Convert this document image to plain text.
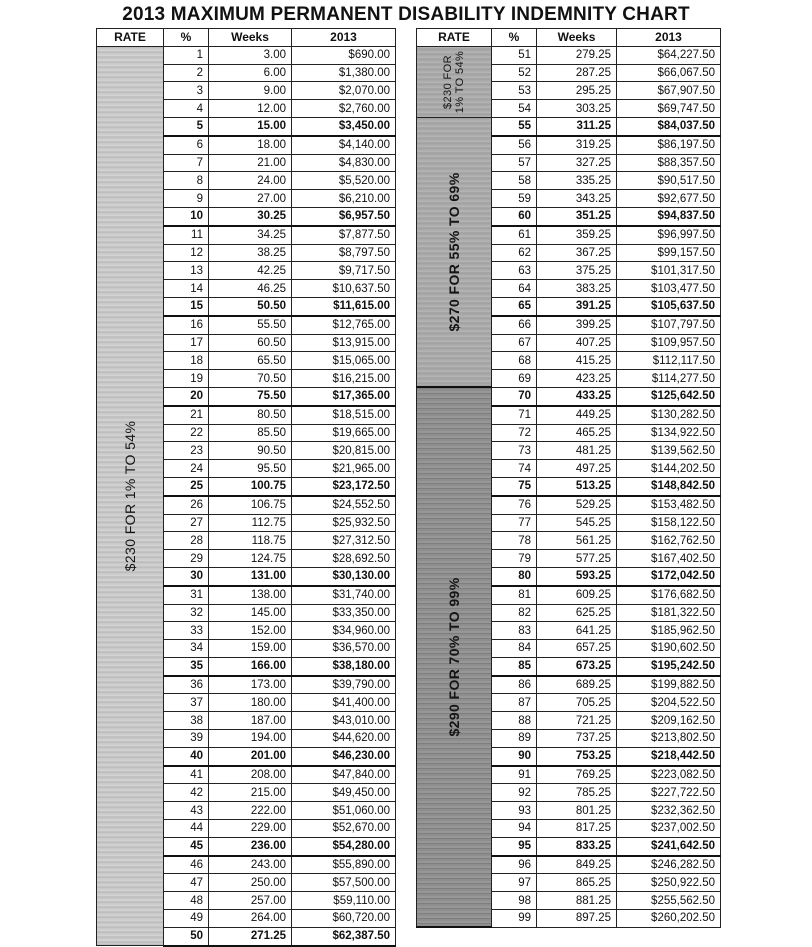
2013 MAXIMUM PERMANENT DISABILITY INDEMNITY CHART
RATE	%	Weeks	2013

$230 FOR 1% TO 54%	1	3.00	$690.00
	2	6.00	$1,380.00
	3	9.00	$2,070.00
	4	12.00	$2,760.00
	5	15.00	$3,450.00
	6	18.00	$4,140.00
	7	21.00	$4,830.00
	8	24.00	$5,520.00
	9	27.00	$6,210.00
	10	30.25	$6,957.50
	11	34.25	$7,877.50
	12	38.25	$8,797.50
	13	42.25	$9,717.50
	14	46.25	$10,637.50
	15	50.50	$11,615.00
	16	55.50	$12,765.00
	17	60.50	$13,915.00
	18	65.50	$15,065.00
	19	70.50	$16,215.00
	20	75.50	$17,365.00
	21	80.50	$18,515.00
	22	85.50	$19,665.00
	23	90.50	$20,815.00
	24	95.50	$21,965.00
	25	100.75	$23,172.50
	26	106.75	$24,552.50
	27	112.75	$25,932.50
	28	118.75	$27,312.50
	29	124.75	$28,692.50
	30	131.00	$30,130.00
	31	138.00	$31,740.00
	32	145.00	$33,350.00
	33	152.00	$34,960.00
	34	159.00	$36,570.00
	35	166.00	$38,180.00
	36	173.00	$39,790.00
	37	180.00	$41,400.00
	38	187.00	$43,010.00
	39	194.00	$44,620.00
	40	201.00	$46,230.00
	41	208.00	$47,840.00
	42	215.00	$49,450.00
	43	222.00	$51,060.00
	44	229.00	$52,670.00
	45	236.00	$54,280.00
	46	243.00	$55,890.00
	47	250.00	$57,500.00
	48	257.00	$59,110.00
	49	264.00	$60,720.00
	50	271.25	$62,387.50
RATE	%	Weeks	2013

$230 FOR 1% TO 54%	51	279.25	$64,227.50
	52	287.25	$66,067.50
	53	295.25	$67,907.50
	54	303.25	$69,747.50

$270 FOR 55% TO 69%	55	311.25	$84,037.50
	56	319.25	$86,197.50
	57	327.25	$88,357.50
	58	335.25	$90,517.50
	59	343.25	$92,677.50
	60	351.25	$94,837.50
	61	359.25	$96,997.50
	62	367.25	$99,157.50
	63	375.25	$101,317.50
	64	383.25	$103,477.50
	65	391.25	$105,637.50
	66	399.25	$107,797.50
	67	407.25	$109,957.50
	68	415.25	$112,117.50
	69	423.25	$114,277.50

$290 FOR 70% TO 99%	70	433.25	$125,642.50
	71	449.25	$130,282.50
	72	465.25	$134,922.50
	73	481.25	$139,562.50
	74	497.25	$144,202.50
	75	513.25	$148,842.50
	76	529.25	$153,482.50
	77	545.25	$158,122.50
	78	561.25	$162,762.50
	79	577.25	$167,402.50
	80	593.25	$172,042.50
	81	609.25	$176,682.50
	82	625.25	$181,322.50
	83	641.25	$185,962.50
	84	657.25	$190,602.50
	85	673.25	$195,242.50
	86	689.25	$199,882.50
	87	705.25	$204,522.50
	88	721.25	$209,162.50
	89	737.25	$213,802.50
	90	753.25	$218,442.50
	91	769.25	$223,082.50
	92	785.25	$227,722.50
	93	801.25	$232,362.50
	94	817.25	$237,002.50
	95	833.25	$241,642.50
	96	849.25	$246,282.50
	97	865.25	$250,922.50
	98	881.25	$255,562.50
	99	897.25	$260,202.50
